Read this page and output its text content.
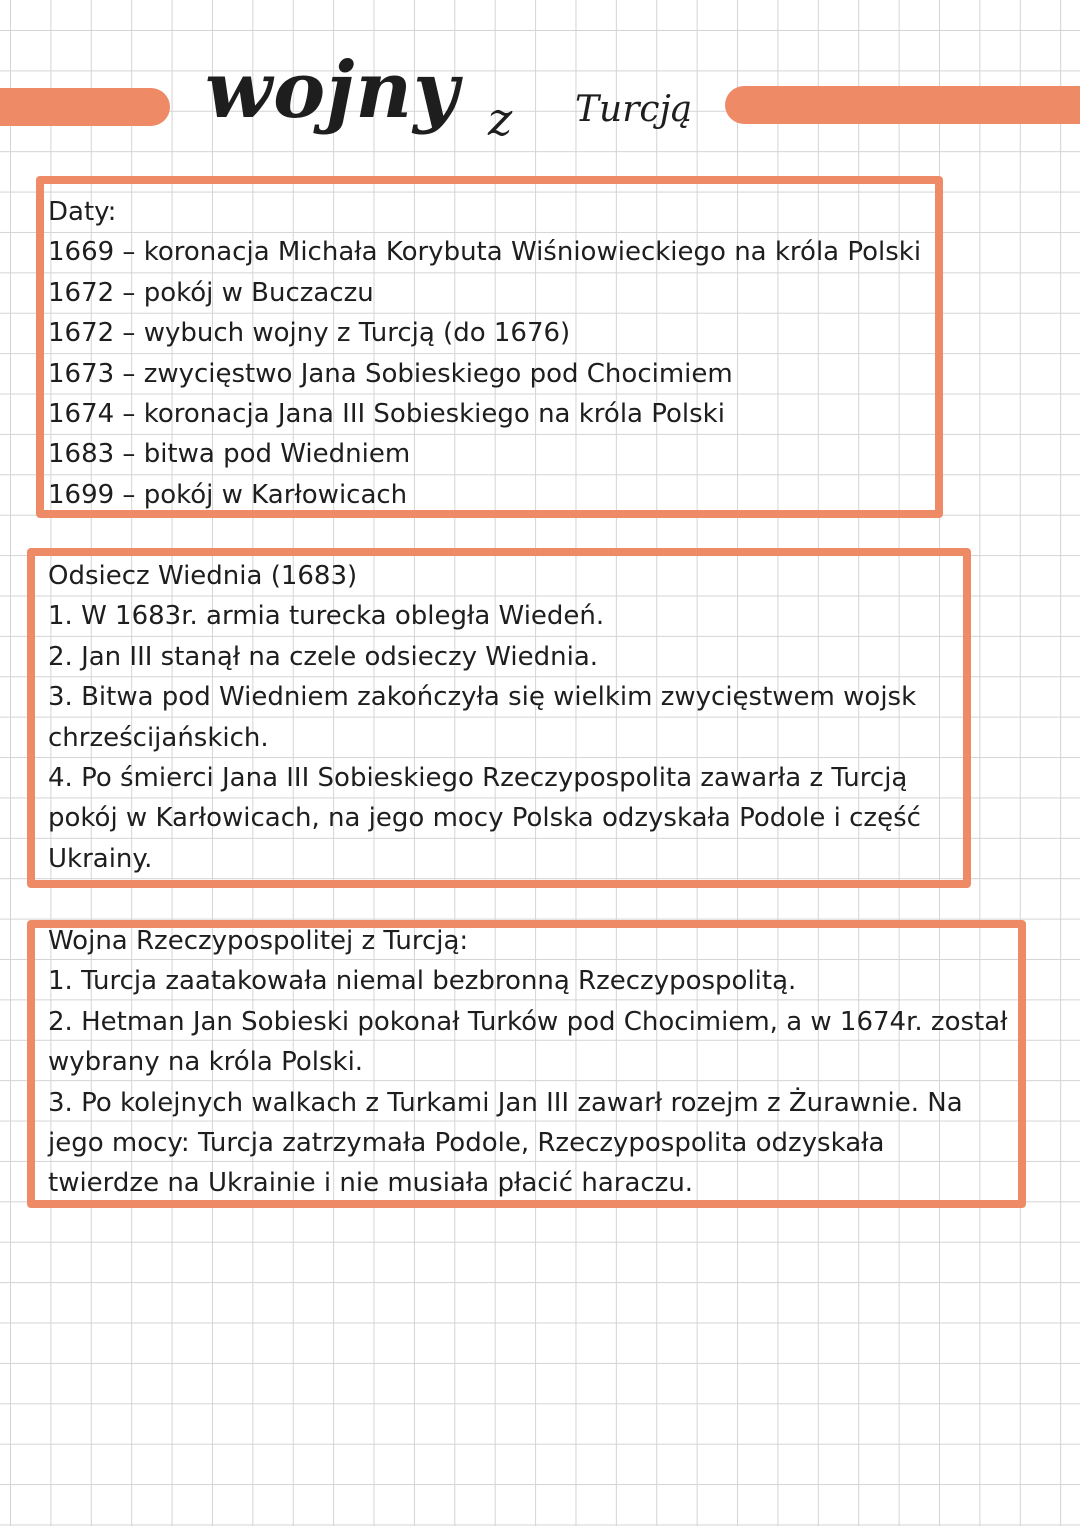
wojny z Turcją
Daty:
1669 – koronacja Michała Korybuta Wiśniowieckiego na króla Polski
1672 – pokój w Buczaczu
1672 – wybuch wojny z Turcją (do 1676)
1673 – zwycięstwo Jana Sobieskiego pod Chocimiem
1674 – koronacja Jana III Sobieskiego na króla Polski
1683 – bitwa pod Wiedniem
1699 – pokój w Karłowicach
Odsiecz Wiednia (1683)
1. W 1683r. armia turecka obległa Wiedeń.
2. Jan III stanął na czele odsieczy Wiednia.
3. Bitwa pod Wiedniem zakończyła się wielkim zwycięstwem wojsk
chrześcijańskich.
4. Po śmierci Jana III Sobieskiego Rzeczypospolita zawarła z Turcją
pokój w Karłowicach, na jego mocy Polska odzyskała Podole i część
Ukrainy.
Wojna Rzeczypospolitej z Turcją:
1. Turcja zaatakowała niemal bezbronną Rzeczypospolitą.
2. Hetman Jan Sobieski pokonał Turków pod Chocimiem, a w 1674r. został
wybrany na króla Polski.
3. Po kolejnych walkach z Turkami Jan III zawarł rozejm z Żurawnie. Na
jego mocy: Turcja zatrzymała Podole, Rzeczypospolita odzyskała
twierdze na Ukrainie i nie musiała płacić haraczu.
